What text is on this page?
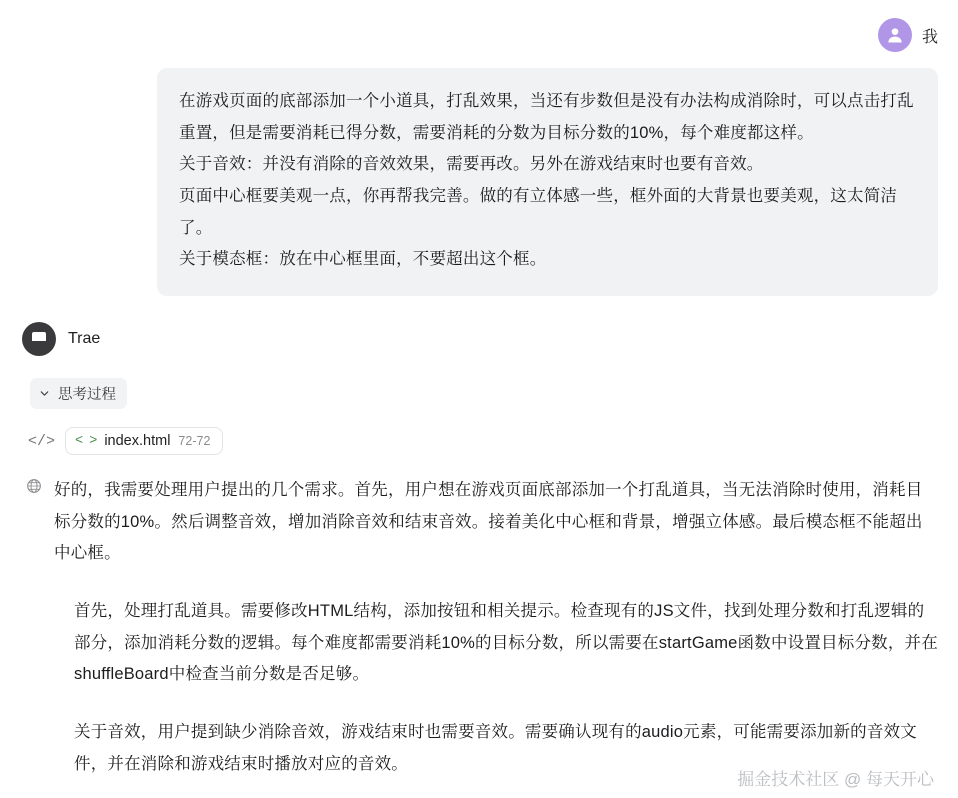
我

在游戏页面的底部添加一个小道具，打乱效果，当还有步数但是没有办法构成消除时，可以点击打乱重置，但是需要消耗已得分数，需要消耗的分数为目标分数的10%，每个难度都这样。

关于音效：并没有消除的音效效果，需要再改。另外在游戏结束时也要有音效。

页面中心框要美观一点，你再帮我完善。做的有立体感一些，框外面的大背景也要美观，这太简洁了。

关于模态框：放在中心框里面，不要超出这个框。

Trae
思考过程
</> < > index.html 72-72

好的，我需要处理用户提出的几个需求。首先，用户想在游戏页面底部添加一个打乱道具，当无法消除时使用，消耗目标分数的10%。然后调整音效，增加消除音效和结束音效。接着美化中心框和背景，增强立体感。最后模态框不能超出中心框。

首先，处理打乱道具。需要修改HTML结构，添加按钮和相关提示。检查现有的JS文件，找到处理分数和打乱逻辑的部分，添加消耗分数的逻辑。每个难度都需要消耗10%的目标分数，所以需要在startGame函数中设置目标分数，并在shuffleBoard中检查当前分数是否足够。

关于音效，用户提到缺少消除音效，游戏结束时也需要音效。需要确认现有的audio元素，可能需要添加新的音效文件，并在消除和游戏结束时播放对应的音效。

掘金技术社区 @ 每天开心
